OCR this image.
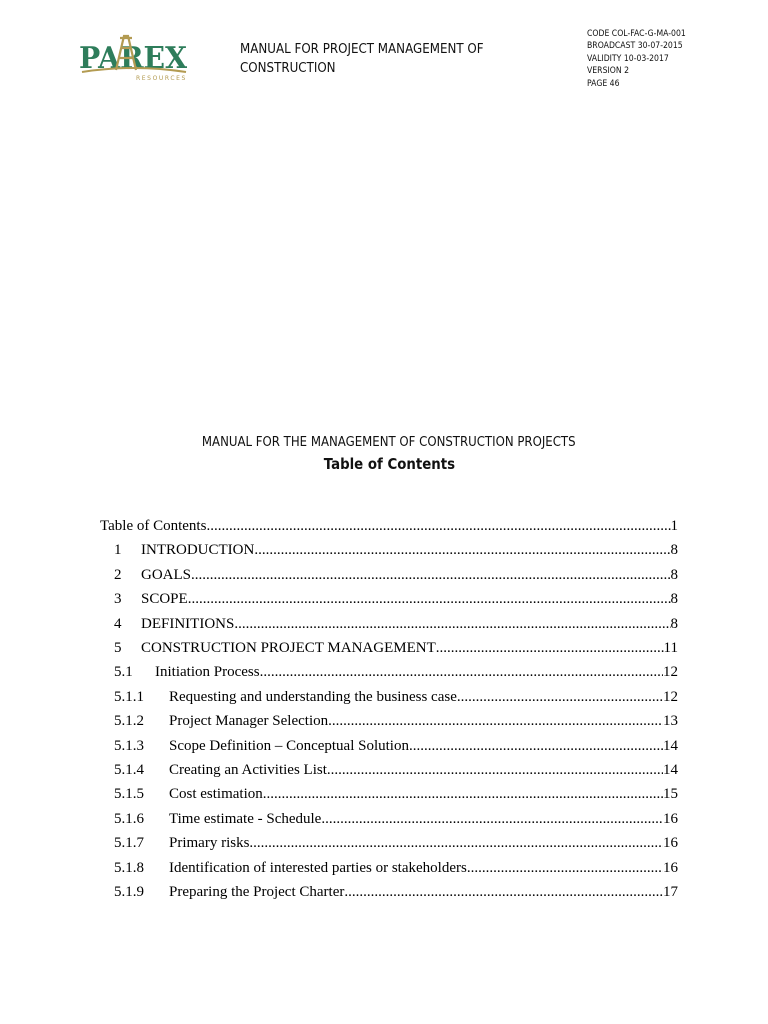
PAREX
RESOURCES
MANUAL FOR PROJECT MANAGEMENT OF CONSTRUCTION
CODE COL-FAC-G-MA-001
BROADCAST 30-07-2015
VALIDITY 10-03-2017
VERSION 2
PAGE 46
MANUAL FOR THE MANAGEMENT OF CONSTRUCTION PROJECTS
Table of Contents
Table of Contents .....	1
1	INTRODUCTION .....	8
2	GOALS .....	8
3	SCOPE .....	8
4	DEFINITIONS .....	8
5	CONSTRUCTION PROJECT MANAGEMENT .....	11
5.1	Initiation Process .....	12
5.1.1	Requesting and understanding the business case .....	12
5.1.2	Project Manager Selection .....	13
5.1.3	Scope Definition – Conceptual Solution .....	14
5.1.4	Creating an Activities List .....	14
5.1.5	Cost estimation .....	15
5.1.6	Time estimate - Schedule .....	16
5.1.7	Primary risks .....	16
5.1.8	Identification of interested parties or stakeholders .....	16
5.1.9	Preparing the Project Charter .....	17
